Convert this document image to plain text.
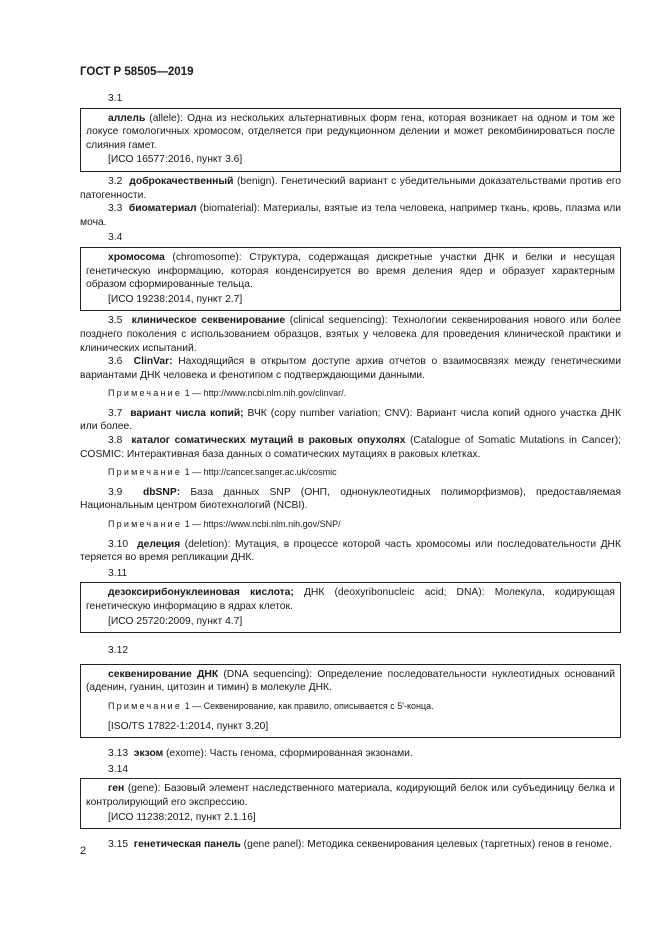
ГОСТ Р 58505—2019
3.1

аллель (allele): Одна из нескольких альтернативных форм гена, которая возникает на одном и том же локусе гомологичных хромосом, отделяется при редукционном делении и может рекомбинироваться после слияния гамет.

[ИСО 16577:2016, пункт 3.6]

3.2 доброкачественный (benign). Генетический вариант с убедительными доказательствами против его патогенности.

3.3 биоматериал (biomaterial): Материалы, взятые из тела человека, например ткань, кровь, плазма или моча.

3.4

хромосома (chromosome): Структура, содержащая дискретные участки ДНК и белки и несущая генетическую информацию, которая конденсируется во время деления ядер и образует характерным образом сформированные тельца.

[ИСО 19238:2014, пункт 2.7]

3.5 клиническое секвенирование (clinical sequencing): Технологии секвенирования нового или более позднего поколения с использованием образцов, взятых у человека для проведения клинической практики и клинических испытаний.

3.6 ClinVar: Находящийся в открытом доступе архив отчетов о взаимосвязях между генетическими вариантами ДНК человека и фенотипом с подтверждающими данными.

Примечание 1 — http://www.ncbi.nlm.nih.gov/clinvar/.

3.7 вариант числа копий; ВЧК (copy number variation; CNV): Вариант числа копий одного участка ДНК или более.

3.8 каталог соматических мутаций в раковых опухолях (Catalogue of Somatic Mutations in Cancer); COSMIC: Интерактивная база данных о соматических мутациях в раковых клетках.

Примечание 1 — http://cancer.sanger.ac.uk/cosmic

3.9 dbSNP: База данных SNP (ОНП, однонуклеотидных полиморфизмов), предоставляемая Национальным центром биотехнологий (NCBI).

Примечание 1 — https://www.ncbi.nlm.nih.gov/SNP/

3.10 делеция (deletion): Мутация, в процессе которой часть хромосомы или последовательности ДНК теряется во время репликации ДНК.

3.11

дезоксирибонуклеиновая кислота; ДНК (deoxyribonucleic acid; DNA): Молекула, кодирующая генетическую информацию в ядрах клеток.

[ИСО 25720:2009, пункт 4.7]
3.12

секвенирование ДНК (DNA sequencing): Определение последовательности нуклеотидных оснований (аденин, гуанин, цитозин и тимин) в молекуле ДНК.

Примечание 1 — Секвенирование, как правило, описывается с 5'-конца.

[ISO/TS 17822-1:2014, пункт 3.20]

3.13 экзом (exome): Часть генома, сформированная экзонами.

3.14

ген (gene): Базовый элемент наследственного материала, кодирующий белок или субъединицу белка и контролирующий его экспрессию.

[ИСО 11238:2012, пункт 2.1.16]

3.15 генетическая панель (gene panel): Методика секвенирования целевых (таргетных) генов в геноме.

2
